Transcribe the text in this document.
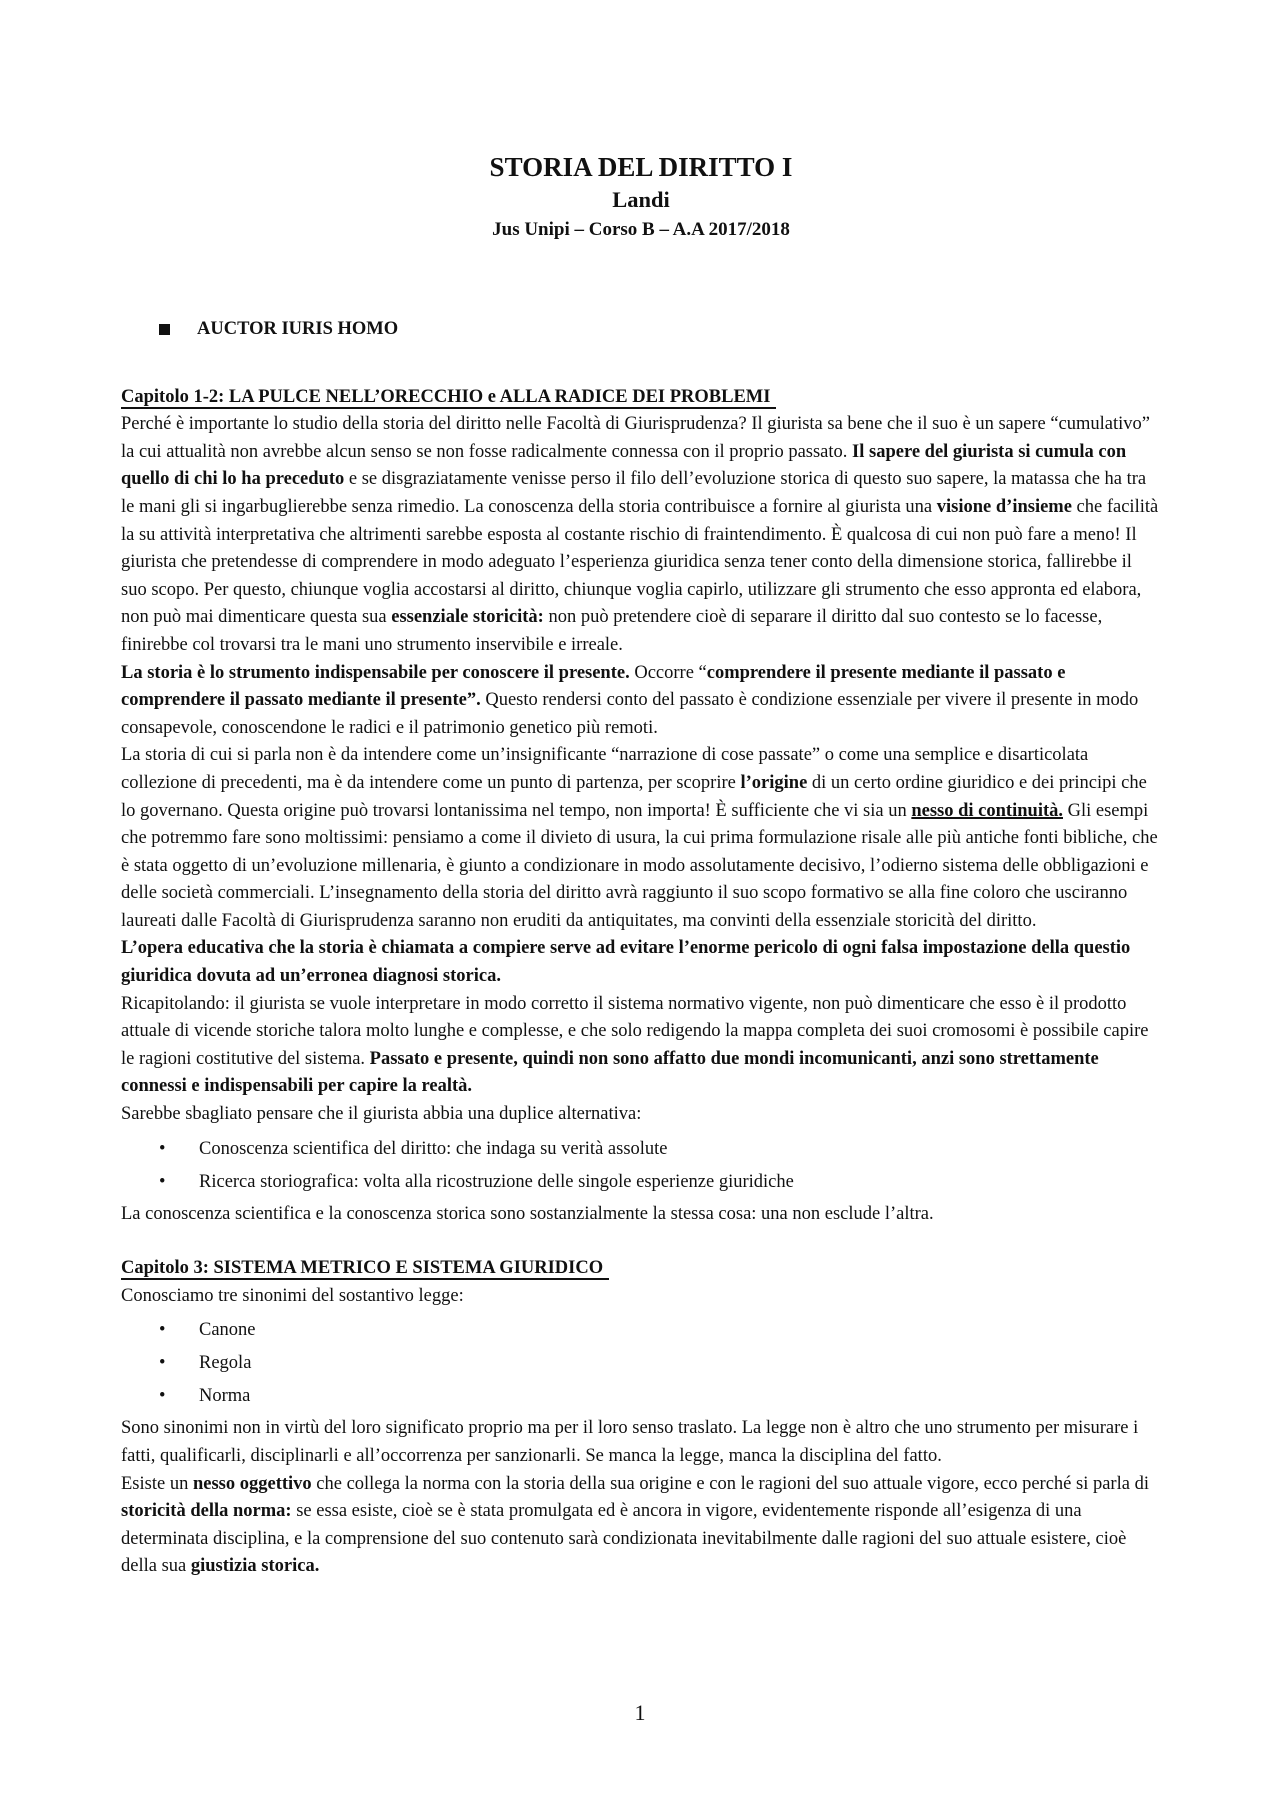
STORIA DEL DIRITTO I

Landi

Jus Unipi – Corso B – A.A 2017/2018

AUCTOR IURIS HOMO
Capitolo 1-2: LA PULCE NELL’ORECCHIO e ALLA RADICE DEI PROBLEMI

Perché è importante lo studio della storia del diritto nelle Facoltà di Giurisprudenza? Il giurista sa bene che il suo è un sapere “cumulativo” la cui attualità non avrebbe alcun senso se non fosse radicalmente connessa con il proprio passato. Il sapere del giurista si cumula con quello di chi lo ha preceduto e se disgraziatamente venisse perso il filo dell’evoluzione storica di questo suo sapere, la matassa che ha tra le mani gli si ingarbuglierebbe senza rimedio. La conoscenza della storia contribuisce a fornire al giurista una visione d’insieme che facilità la su attività interpretativa che altrimenti sarebbe esposta al costante rischio di fraintendimento. È qualcosa di cui non può fare a meno! Il giurista che pretendesse di comprendere in modo adeguato l’esperienza giuridica senza tener conto della dimensione storica, fallirebbe il suo scopo. Per questo, chiunque voglia accostarsi al diritto, chiunque voglia capirlo, utilizzare gli strumento che esso appronta ed elabora, non può mai dimenticare questa sua essenziale storicità: non può pretendere cioè di separare il diritto dal suo contesto se lo facesse, finirebbe col trovarsi tra le mani uno strumento inservibile e irreale.

La storia è lo strumento indispensabile per conoscere il presente. Occorre “comprendere il presente mediante il passato e comprendere il passato mediante il presente”. Questo rendersi conto del passato è condizione essenziale per vivere il presente in modo consapevole, conoscendone le radici e il patrimonio genetico più remoti.

La storia di cui si parla non è da intendere come un’insignificante “narrazione di cose passate” o come una semplice e disarticolata collezione di precedenti, ma è da intendere come un punto di partenza, per scoprire l’origine di un certo ordine giuridico e dei principi che lo governano. Questa origine può trovarsi lontanissima nel tempo, non importa! È sufficiente che vi sia un nesso di continuità. Gli esempi che potremmo fare sono moltissimi: pensiamo a come il divieto di usura, la cui prima formulazione risale alle più antiche fonti bibliche, che è stata oggetto di un’evoluzione millenaria, è giunto a condizionare in modo assolutamente decisivo, l’odierno sistema delle obbligazioni e delle società commerciali. L’insegnamento della storia del diritto avrà raggiunto il suo scopo formativo se alla fine coloro che usciranno laureati dalle Facoltà di Giurisprudenza saranno non eruditi da antiquitates, ma convinti della essenziale storicità del diritto.

L’opera educativa che la storia è chiamata a compiere serve ad evitare l’enorme pericolo di ogni falsa impostazione della questio giuridica dovuta ad un’erronea diagnosi storica.

Ricapitolando: il giurista se vuole interpretare in modo corretto il sistema normativo vigente, non può dimenticare che esso è il prodotto attuale di vicende storiche talora molto lunghe e complesse, e che solo redigendo la mappa completa dei suoi cromosomi è possibile capire le ragioni costitutive del sistema. Passato e presente, quindi non sono affatto due mondi incomunicanti, anzi sono strettamente connessi e indispensabili per capire la realtà.

Sarebbe sbagliato pensare che il giurista abbia una duplice alternativa:

• Conoscenza scientifica del diritto: che indaga su verità assolute
• Ricerca storiografica: volta alla ricostruzione delle singole esperienze giuridiche

La conoscenza scientifica e la conoscenza storica sono sostanzialmente la stessa cosa: una non esclude l’altra.

Capitolo 3: SISTEMA METRICO E SISTEMA GIURIDICO

Conosciamo tre sinonimi del sostantivo legge:

• Canone
• Regola
• Norma

Sono sinonimi non in virtù del loro significato proprio ma per il loro senso traslato. La legge non è altro che uno strumento per misurare i fatti, qualificarli, disciplinarli e all’occorrenza per sanzionarli. Se manca la legge, manca la disciplina del fatto.

Esiste un nesso oggettivo che collega la norma con la storia della sua origine e con le ragioni del suo attuale vigore, ecco perché si parla di storicità della norma: se essa esiste, cioè se è stata promulgata ed è ancora in vigore, evidentemente risponde all’esigenza di una determinata disciplina, e la comprensione del suo contenuto sarà condizionata inevitabilmente dalle ragioni del suo attuale esistere, cioè della sua giustizia storica.

1
